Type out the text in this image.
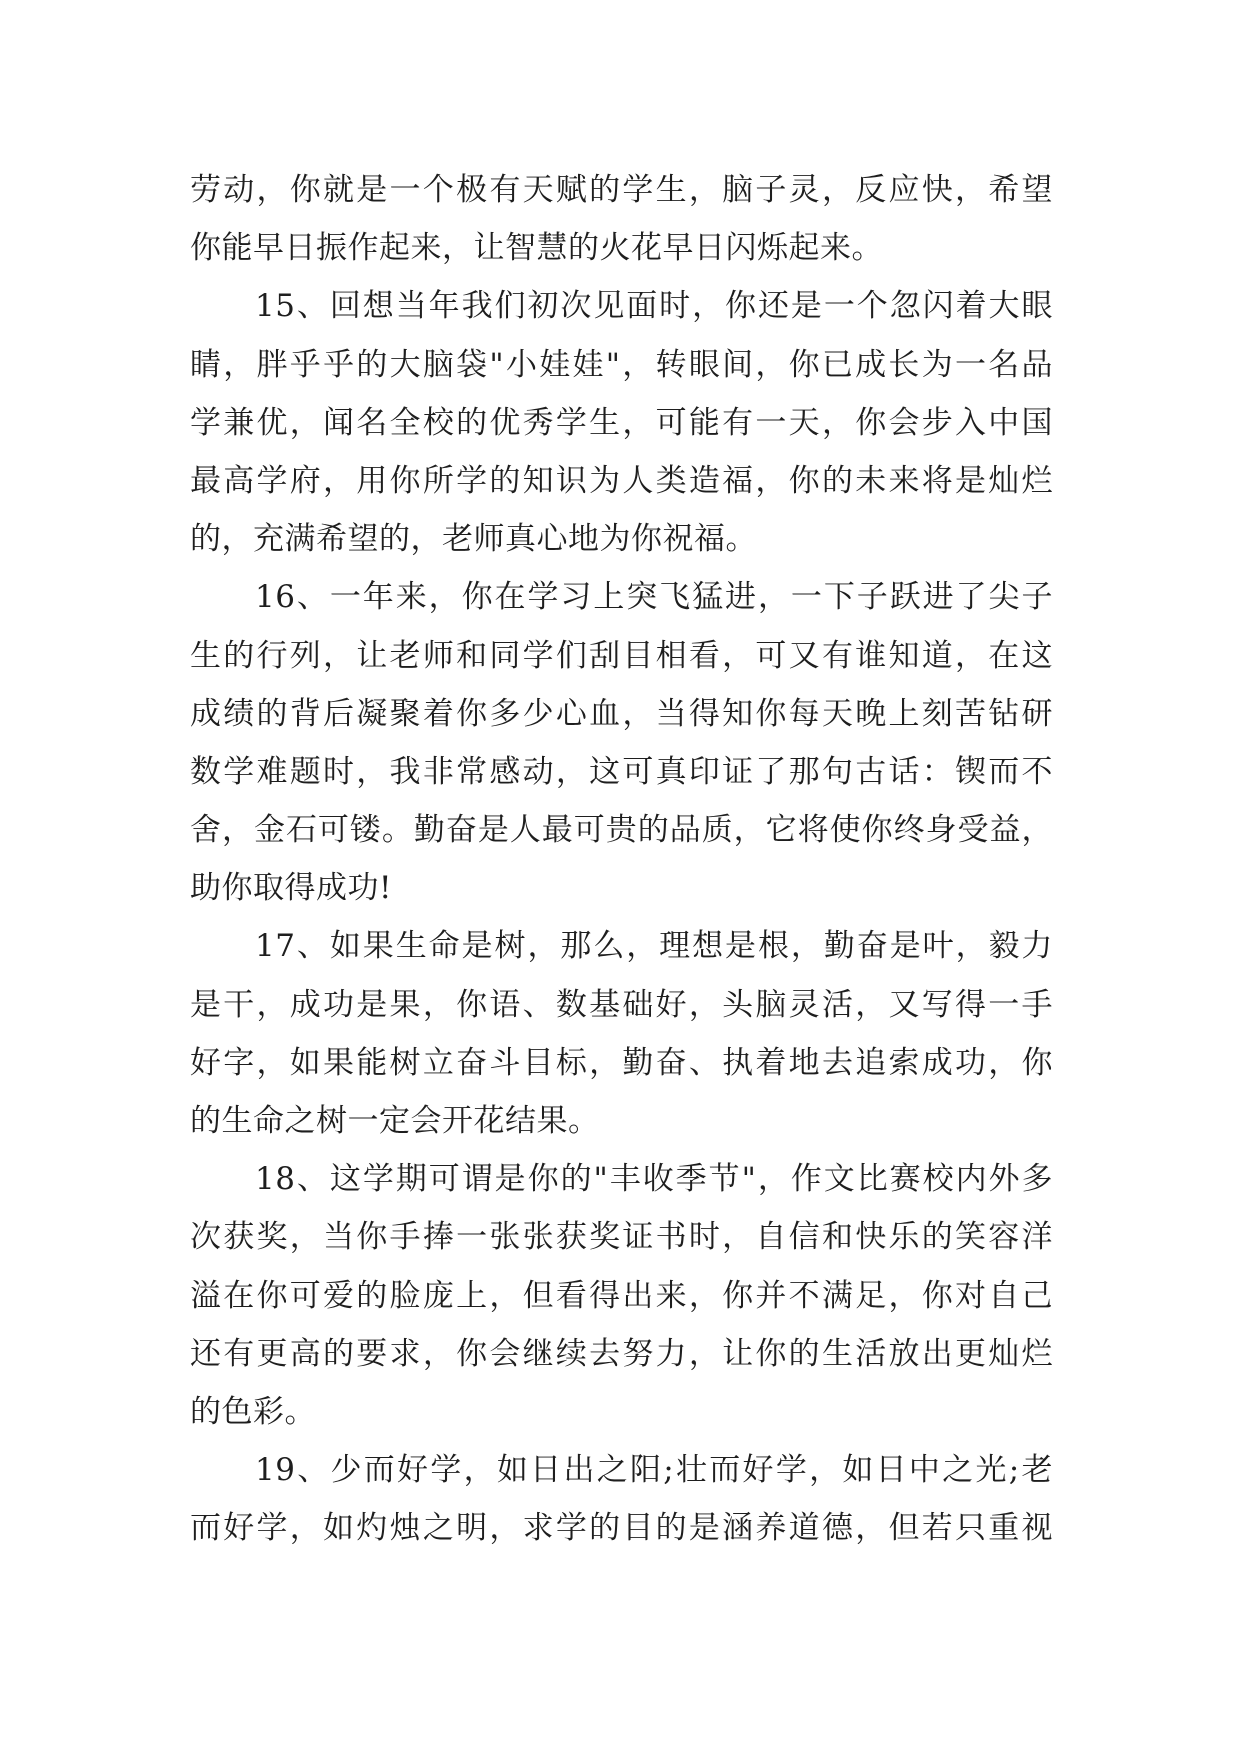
劳动，你就是一个极有天赋的学生，脑子灵，反应快，希望
你能早日振作起来，让智慧的火花早日闪烁起来。
15、回想当年我们初次见面时，你还是一个忽闪着大眼
睛，胖乎乎的大脑袋"小娃娃"，转眼间，你已成长为一名品
学兼优，闻名全校的优秀学生，可能有一天，你会步入中国
最高学府，用你所学的知识为人类造福，你的未来将是灿烂
的，充满希望的，老师真心地为你祝福。
16、一年来，你在学习上突飞猛进，一下子跃进了尖子
生的行列，让老师和同学们刮目相看，可又有谁知道，在这
成绩的背后凝聚着你多少心血，当得知你每天晚上刻苦钻研
数学难题时，我非常感动，这可真印证了那句古话：锲而不
舍，金石可镂。勤奋是人最可贵的品质，它将使你终身受益，
助你取得成功!
17、如果生命是树，那么，理想是根，勤奋是叶，毅力
是干，成功是果，你语、数基础好，头脑灵活，又写得一手
好字，如果能树立奋斗目标，勤奋、执着地去追索成功，你
的生命之树一定会开花结果。
18、这学期可谓是你的"丰收季节"，作文比赛校内外多
次获奖，当你手捧一张张获奖证书时，自信和快乐的笑容洋
溢在你可爱的脸庞上，但看得出来，你并不满足，你对自己
还有更高的要求，你会继续去努力，让你的生活放出更灿烂
的色彩。
19、少而好学，如日出之阳;壮而好学，如日中之光;老
而好学，如灼烛之明，求学的目的是涵养道德，但若只重视
